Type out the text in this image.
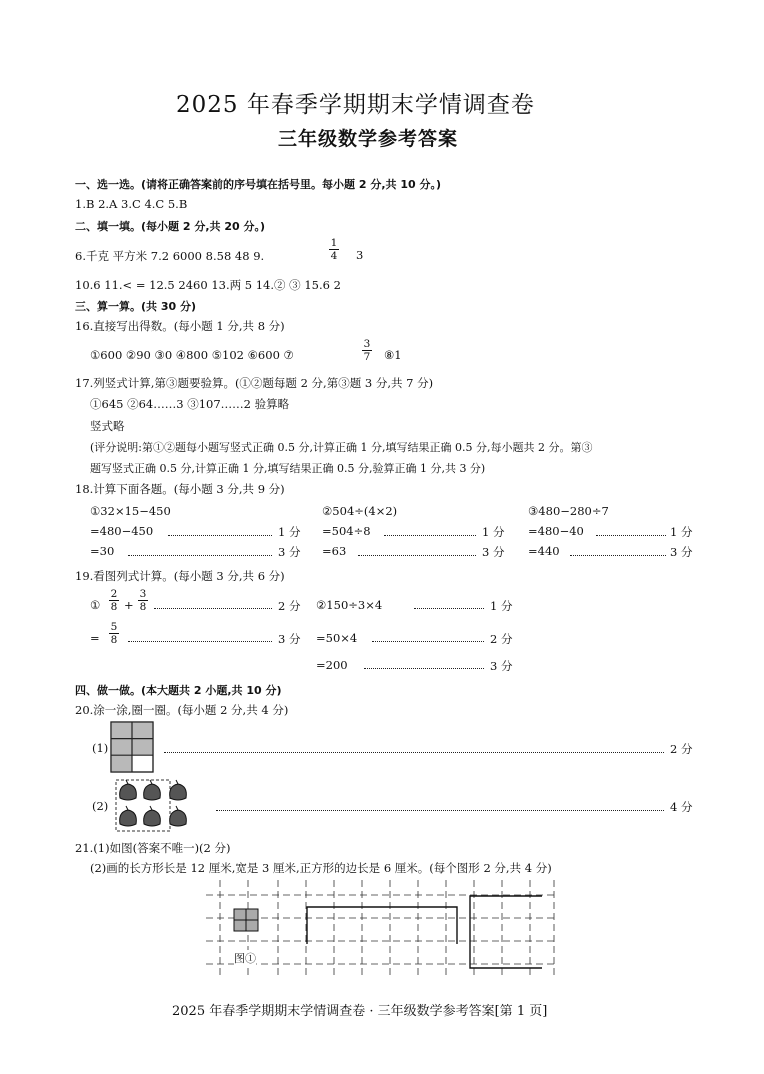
2025 年春季学期期末学情调查卷
三年级数学参考答案
一、选一选。(请将正确答案前的序号填在括号里。每小题 2 分,共 10 分。)
1.B 2.A 3.C 4.C 5.B
二、填一填。(每小题 2 分,共 20 分。)
6.千克 平方米 7.2 6000 8.58 48 9.
1
4 3
10.6 11.< = 12.5 2460 13.两 5 14.② ③ 15.6 2
三、算一算。(共 30 分)
16.直接写出得数。(每小题 1 分,共 8 分)
①600 ②90 ③0 ④800 ⑤102 ⑥600 ⑦
3
7 ⑧1
17.列竖式计算,第③题要验算。(①②题每题 2 分,第③题 3 分,共 7 分)
①645 ②64……3 ③107……2 验算略
竖式略
(评分说明:第①②题每小题写竖式正确 0.5 分,计算正确 1 分,填写结果正确 0.5 分,每小题共 2 分。第③
题写竖式正确 0.5 分,计算正确 1 分,填写结果正确 0.5 分,验算正确 1 分,共 3 分)
18.计算下面各题。(每小题 3 分,共 9 分)
①32×15−450
=480−450	1 分
=30	3 分
②504÷(4×2)
=504÷8	1 分
=63	3 分
③480−280÷7
=480−40	1 分
=440	3 分
19.看图列式计算。(每小题 3 分,共 6 分)
①
2
8 +
3
8	2 分
=
5
8	3 分
②150÷3×4	1 分
=50×4	2 分
=200	3 分
四、做一做。(本大题共 2 小题,共 10 分)
20.涂一涂,圈一圈。(每小题 2 分,共 4 分)
(1)	2 分
(2)	4 分
21.(1)如图(答案不唯一)(2 分)
(2)画的长方形长是 12 厘米,宽是 3 厘米,正方形的边长是 6 厘米。(每个图形 2 分,共 4 分)
图①
2025 年春季学期期末学情调查卷 · 三年级数学参考答案[第 1 页]
